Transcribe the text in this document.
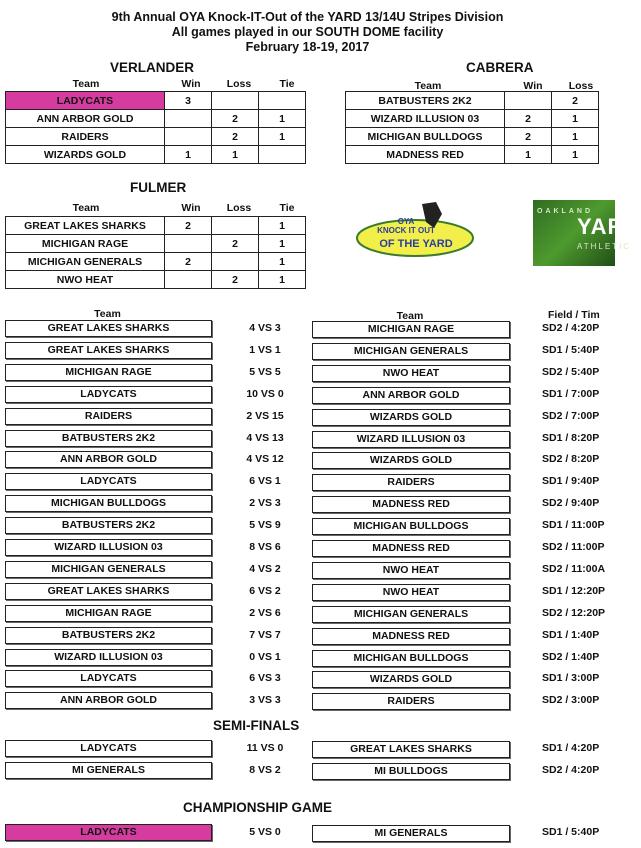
9th Annual OYA Knock-IT-Out of the YARD 13/14U Stripes Division
All games played in our SOUTH DOME facility
February 18-19, 2017
VERLANDER
Team	Win	Loss	Tie
LADYCATS	3		
ANN ARBOR GOLD		2	1
RAIDERS		2	1
WIZARDS GOLD	1	1	
CABRERA
Team	Win	Loss
BATBUSTERS 2K2		2
WIZARD ILLUSION 03	2	1
MICHIGAN BULLDOGS	2	1
MADNESS RED	1	1
FULMER
Team	Win	Loss	Tie
GREAT LAKES SHARKS	2		1
MICHIGAN RAGE		2	1
MICHIGAN GENERALS	2		1
NWO HEAT		2	1
OYA
KNOCK IT OUT
OF THE YARD
OAKLAND
YARD
ATHLETIC
Team	Team	Field / Tim
GREAT LAKES SHARKS	4 VS 3	MICHIGAN RAGE	SD2 / 4:20P
GREAT LAKES SHARKS	1 VS 1	MICHIGAN GENERALS	SD1 / 5:40P
MICHIGAN RAGE	5 VS 5	NWO HEAT	SD2 / 5:40P
LADYCATS	10 VS 0	ANN ARBOR GOLD	SD1 / 7:00P
RAIDERS	2 VS 15	WIZARDS GOLD	SD2 / 7:00P
BATBUSTERS 2K2	4 VS 13	WIZARD ILLUSION 03	SD1 / 8:20P
ANN ARBOR GOLD	4 VS 12	WIZARDS GOLD	SD2 / 8:20P
LADYCATS	6 VS 1	RAIDERS	SD1 / 9:40P
MICHIGAN BULLDOGS	2 VS 3	MADNESS RED	SD2 / 9:40P
BATBUSTERS 2K2	5 VS 9	MICHIGAN BULLDOGS	SD1 / 11:00P
WIZARD ILLUSION 03	8 VS 6	MADNESS RED	SD2 / 11:00P
MICHIGAN GENERALS	4 VS 2	NWO HEAT	SD2 / 11:00A
GREAT LAKES SHARKS	6 VS 2	NWO HEAT	SD1 / 12:20P
MICHIGAN RAGE	2 VS 6	MICHIGAN GENERALS	SD2 / 12:20P
BATBUSTERS 2K2	7 VS 7	MADNESS RED	SD1 / 1:40P
WIZARD ILLUSION 03	0 VS 1	MICHIGAN BULLDOGS	SD2 / 1:40P
LADYCATS	6 VS 3	WIZARDS GOLD	SD1 / 3:00P
ANN ARBOR GOLD	3 VS 3	RAIDERS	SD2 / 3:00P
SEMI-FINALS
LADYCATS	11 VS 0	GREAT LAKES SHARKS	SD1 / 4:20P
MI GENERALS	8 VS 2	MI BULLDOGS	SD2 / 4:20P
CHAMPIONSHIP GAME
LADYCATS	5 VS 0	MI GENERALS	SD1 / 5:40P
